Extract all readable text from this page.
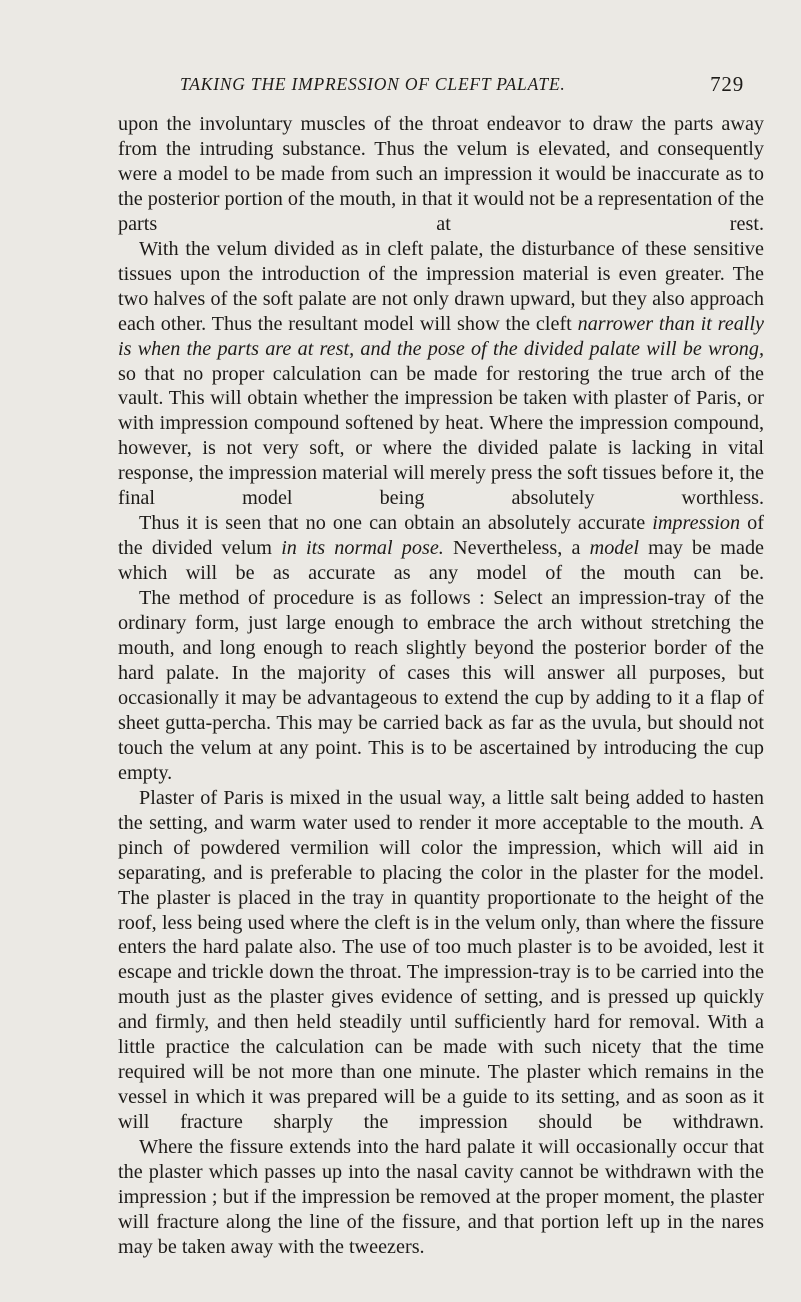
TAKING THE IMPRESSION OF CLEFT PALATE.	729

upon the involuntary muscles of the throat endeavor to draw the parts away from the intruding substance. Thus the velum is elevated, and consequently were a model to be made from such an impression it would be inaccurate as to the posterior portion of the mouth, in that it would not be a representation of the parts at rest.

With the velum divided as in cleft palate, the disturbance of these sensitive tissues upon the introduction of the impression material is even greater. The two halves of the soft palate are not only drawn upward, but they also approach each other. Thus the resultant model will show the cleft narrower than it really is when the parts are at rest, and the pose of the divided palate will be wrong, so that no proper calculation can be made for restoring the true arch of the vault. This will obtain whether the impression be taken with plaster of Paris, or with impression compound softened by heat. Where the impression compound, however, is not very soft, or where the divided palate is lacking in vital response, the impression material will merely press the soft tissues before it, the final model being absolutely worthless.

Thus it is seen that no one can obtain an absolutely accurate impression of the divided velum in its normal pose. Nevertheless, a model may be made which will be as accurate as any model of the mouth can be.

The method of procedure is as follows : Select an impression-tray of the ordinary form, just large enough to embrace the arch without stretching the mouth, and long enough to reach slightly beyond the posterior border of the hard palate. In the majority of cases this will answer all purposes, but occasionally it may be advantageous to extend the cup by adding to it a flap of sheet gutta-percha. This may be carried back as far as the uvula, but should not touch the velum at any point. This is to be ascertained by introducing the cup empty.

Plaster of Paris is mixed in the usual way, a little salt being added to hasten the setting, and warm water used to render it more acceptable to the mouth. A pinch of powdered vermilion will color the impression, which will aid in separating, and is preferable to placing the color in the plaster for the model. The plaster is placed in the tray in quantity proportionate to the height of the roof, less being used where the cleft is in the velum only, than where the fissure enters the hard palate also. The use of too much plaster is to be avoided, lest it escape and trickle down the throat. The impression-tray is to be carried into the mouth just as the plaster gives evidence of setting, and is pressed up quickly and firmly, and then held steadily until sufficiently hard for removal. With a little practice the calculation can be made with such nicety that the time required will be not more than one minute. The plaster which remains in the vessel in which it was prepared will be a guide to its setting, and as soon as it will fracture sharply the impression should be withdrawn.

Where the fissure extends into the hard palate it will occasionally occur that the plaster which passes up into the nasal cavity cannot be withdrawn with the impression ; but if the impression be removed at the proper moment, the plaster will fracture along the line of the fissure, and that portion left up in the nares may be taken away with the tweezers.
